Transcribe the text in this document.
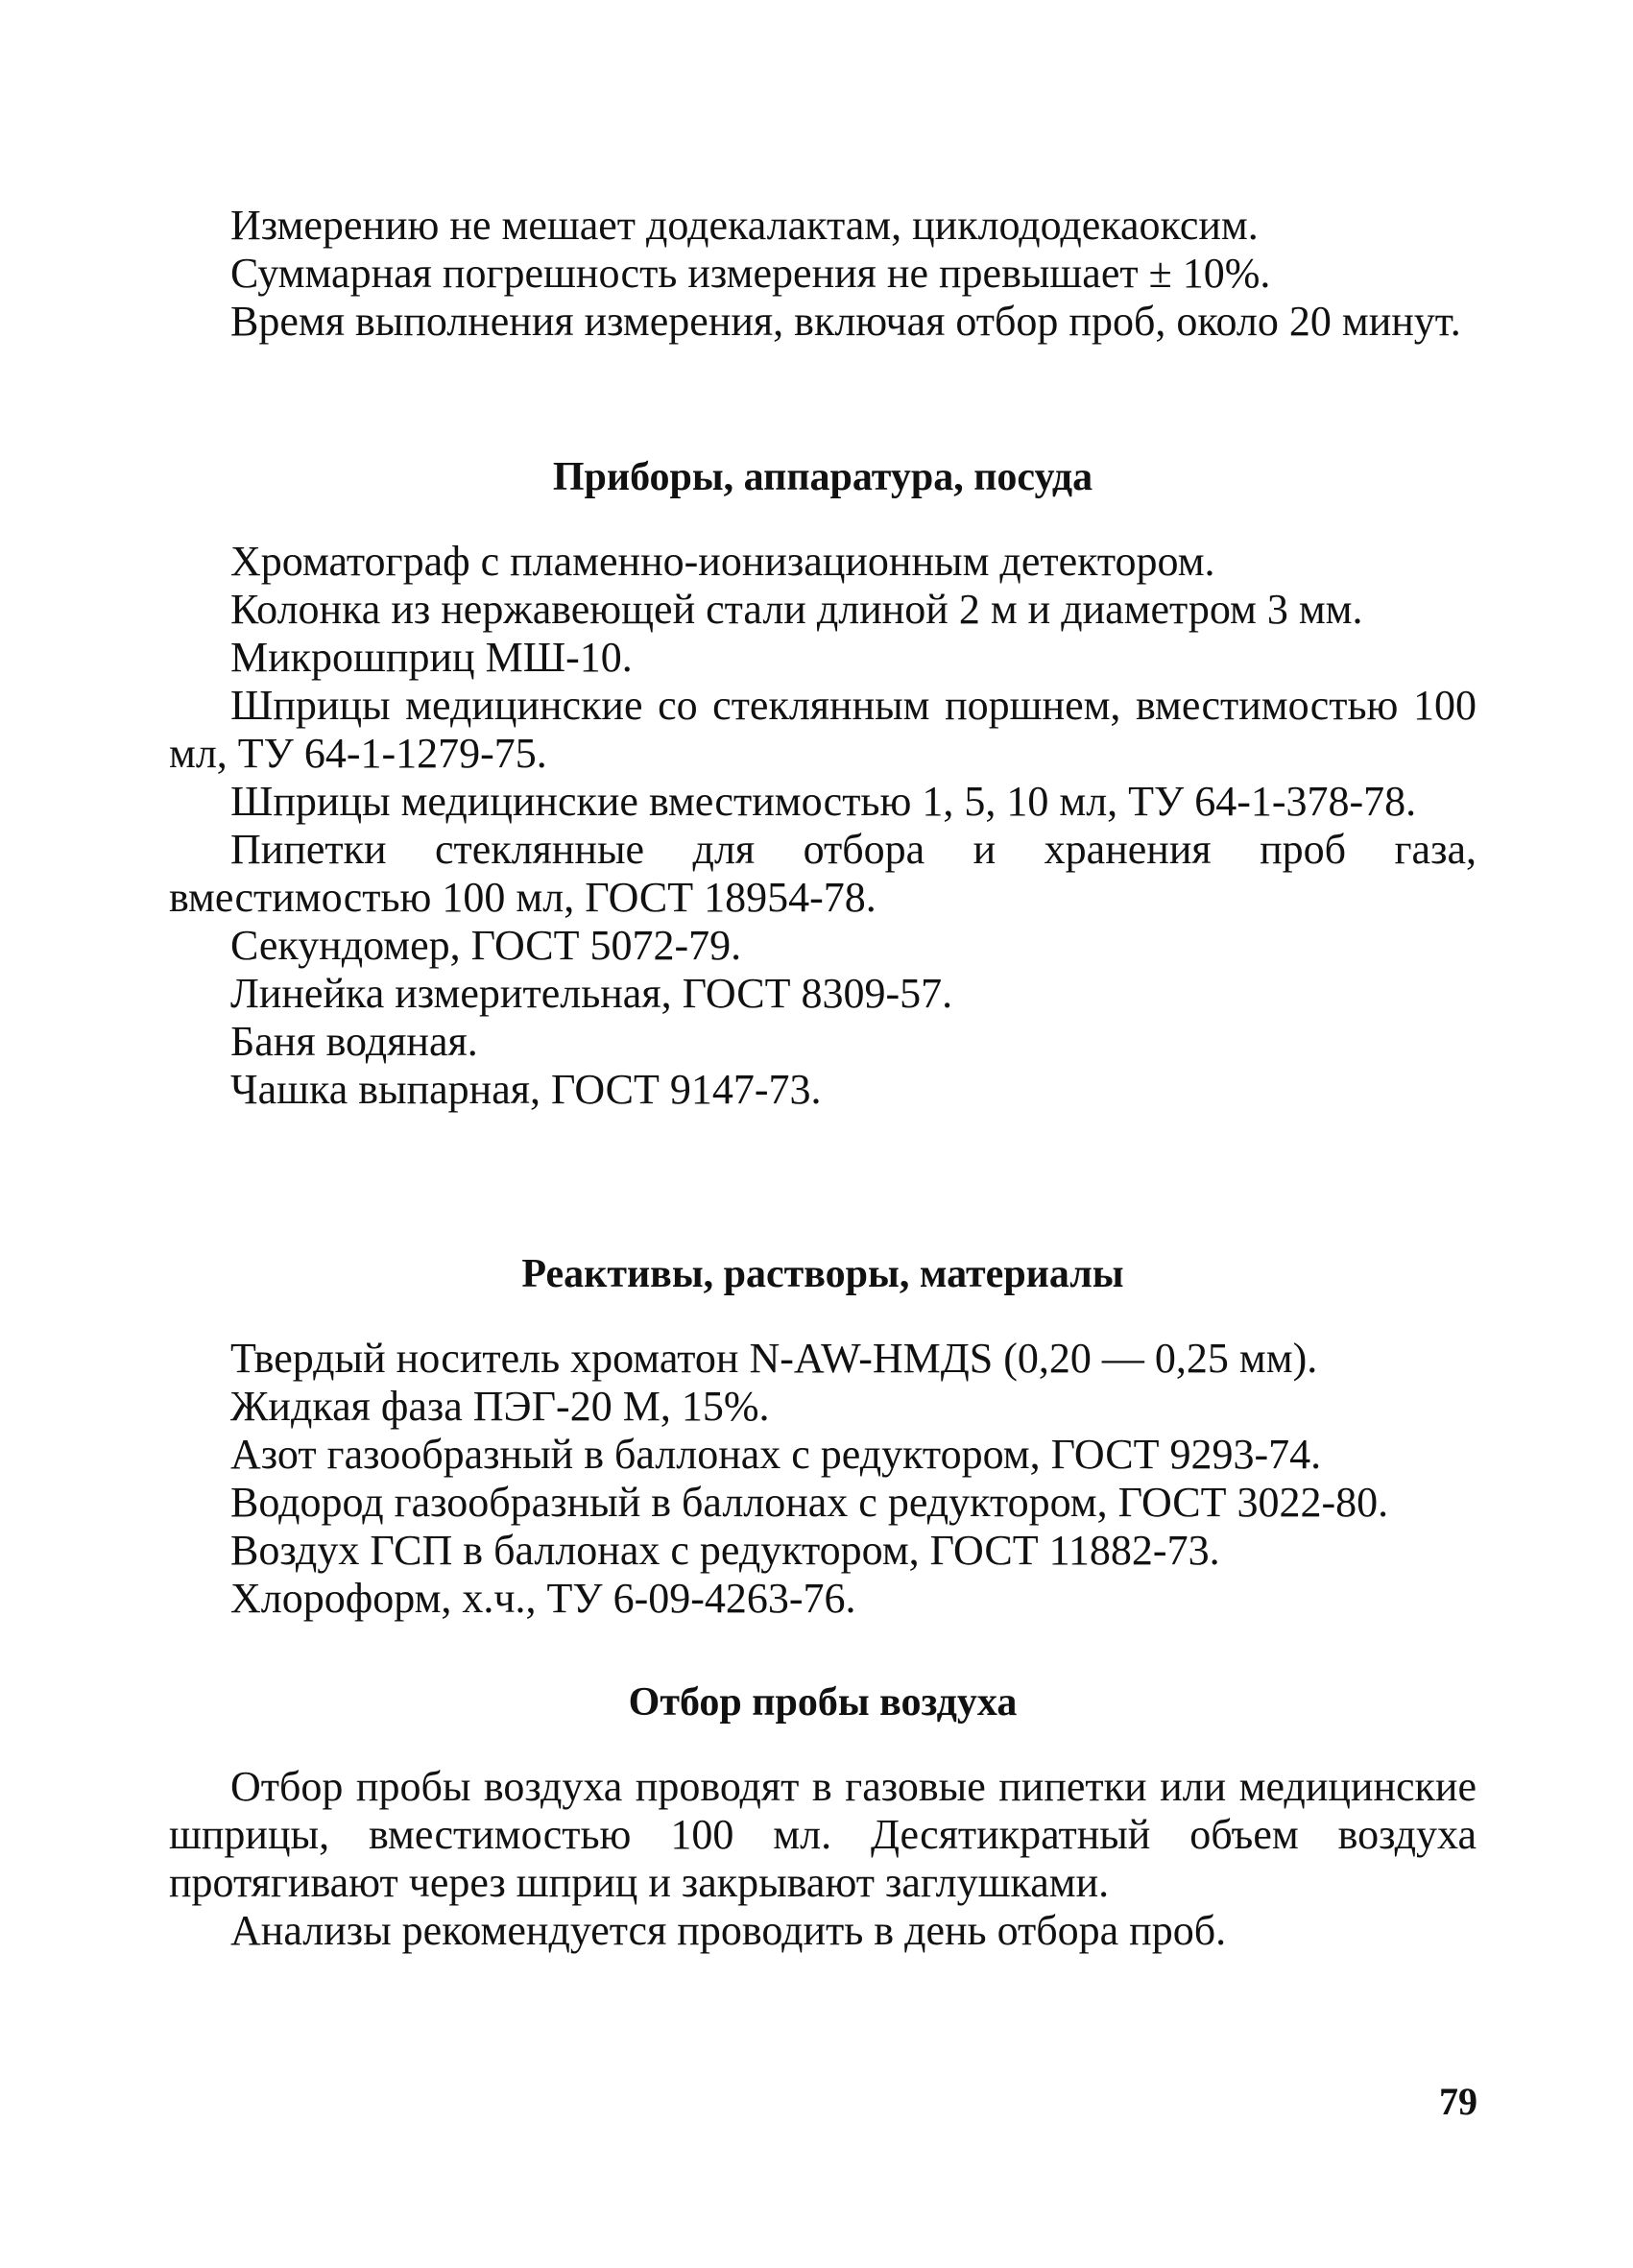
Измерению не мешает додекалактам, циклододекаоксим.

Суммарная погрешность измерения не превышает ± 10%.

Время выполнения измерения, включая отбор проб, около 20 минут.

Приборы, аппаратура, посуда

Хроматограф с пламенно-ионизационным детектором.

Колонка из нержавеющей стали длиной 2 м и диаметром 3 мм.

Микрошприц МШ-10.

Шприцы медицинские со стеклянным поршнем, вместимостью 100 мл, ТУ 64-1-1279-75.

Шприцы медицинские вместимостью 1, 5, 10 мл, ТУ 64-1-378-78.

Пипетки стеклянные для отбора и хранения проб газа, вместимостью 100 мл, ГОСТ 18954-78.

Секундомер, ГОСТ 5072-79.

Линейка измерительная, ГОСТ 8309-57.

Баня водяная.

Чашка выпарная, ГОСТ 9147-73.

Реактивы, растворы, материалы

Твердый носитель хроматон N-AW-HMДS (0,20 — 0,25 мм).

Жидкая фаза ПЭГ-20 М, 15%.

Азот газообразный в баллонах с редуктором, ГОСТ 9293-74.

Водород газообразный в баллонах с редуктором, ГОСТ 3022-80.

Воздух ГСП в баллонах с редуктором, ГОСТ 11882-73.

Хлороформ, х.ч., ТУ 6-09-4263-76.

Отбор пробы воздуха

Отбор пробы воздуха проводят в газовые пипетки или медицинские шприцы, вместимостью 100 мл. Десятикратный объем воздуха протягивают через шприц и закрывают заглушками.

Анализы рекомендуется проводить в день отбора проб.

79
